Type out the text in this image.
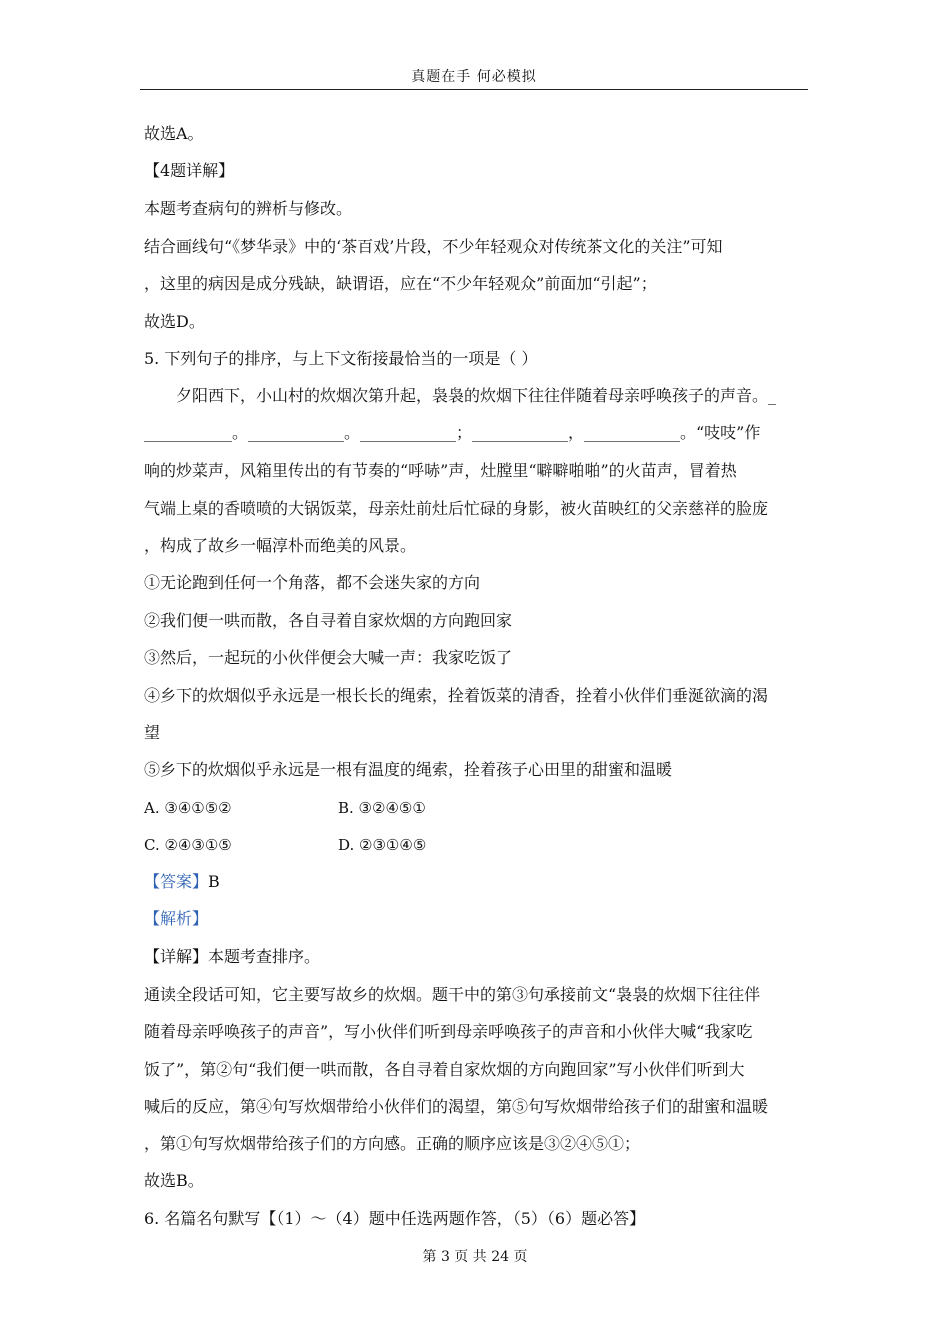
真题在手 何必模拟
故选A。
【4题详解】
本题考查病句的辨析与修改。
结合画线句“《梦华录》中的‘茶百戏’片段，不少年轻观众对传统茶文化的关注”可知
，这里的病因是成分残缺，缺谓语，应在“不少年轻观众”前面加“引起”；
故选D。
5. 下列句子的排序，与上下文衔接最恰当的一项是（ ）
夕阳西下，小山村的炊烟次第升起，袅袅的炊烟下往往伴随着母亲呼唤孩子的声音。_
___________。____________。____________；____________，____________。“吱吱”作
响的炒菜声，风箱里传出的有节奏的“呼哧”声，灶膛里“噼噼啪啪”的火苗声，冒着热
气端上桌的香喷喷的大锅饭菜，母亲灶前灶后忙碌的身影，被火苗映红的父亲慈祥的脸庞
，构成了故乡一幅淳朴而绝美的风景。
①无论跑到任何一个角落，都不会迷失家的方向
②我们便一哄而散，各自寻着自家炊烟的方向跑回家
③然后，一起玩的小伙伴便会大喊一声：我家吃饭了
④乡下的炊烟似乎永远是一根长长的绳索，拴着饭菜的清香，拴着小伙伴们垂涎欲滴的渴
望
⑤乡下的炊烟似乎永远是一根有温度的绳索，拴着孩子心田里的甜蜜和温暖
A. ③④①⑤②	B. ③②④⑤①
C. ②④③①⑤	D. ②③①④⑤
【答案】B
【解析】
【详解】本题考查排序。
通读全段话可知，它主要写故乡的炊烟。题干中的第③句承接前文“袅袅的炊烟下往往伴
随着母亲呼唤孩子的声音”，写小伙伴们听到母亲呼唤孩子的声音和小伙伴大喊“我家吃
饭了”，第②句“我们便一哄而散，各自寻着自家炊烟的方向跑回家”写小伙伴们听到大
喊后的反应，第④句写炊烟带给小伙伴们的渴望，第⑤句写炊烟带给孩子们的甜蜜和温暖
，第①句写炊烟带给孩子们的方向感。正确的顺序应该是③②④⑤①；
故选B。
6. 名篇名句默写【（1）～（4）题中任选两题作答，（5）（6）题必答】
第 3 页 共 24 页
